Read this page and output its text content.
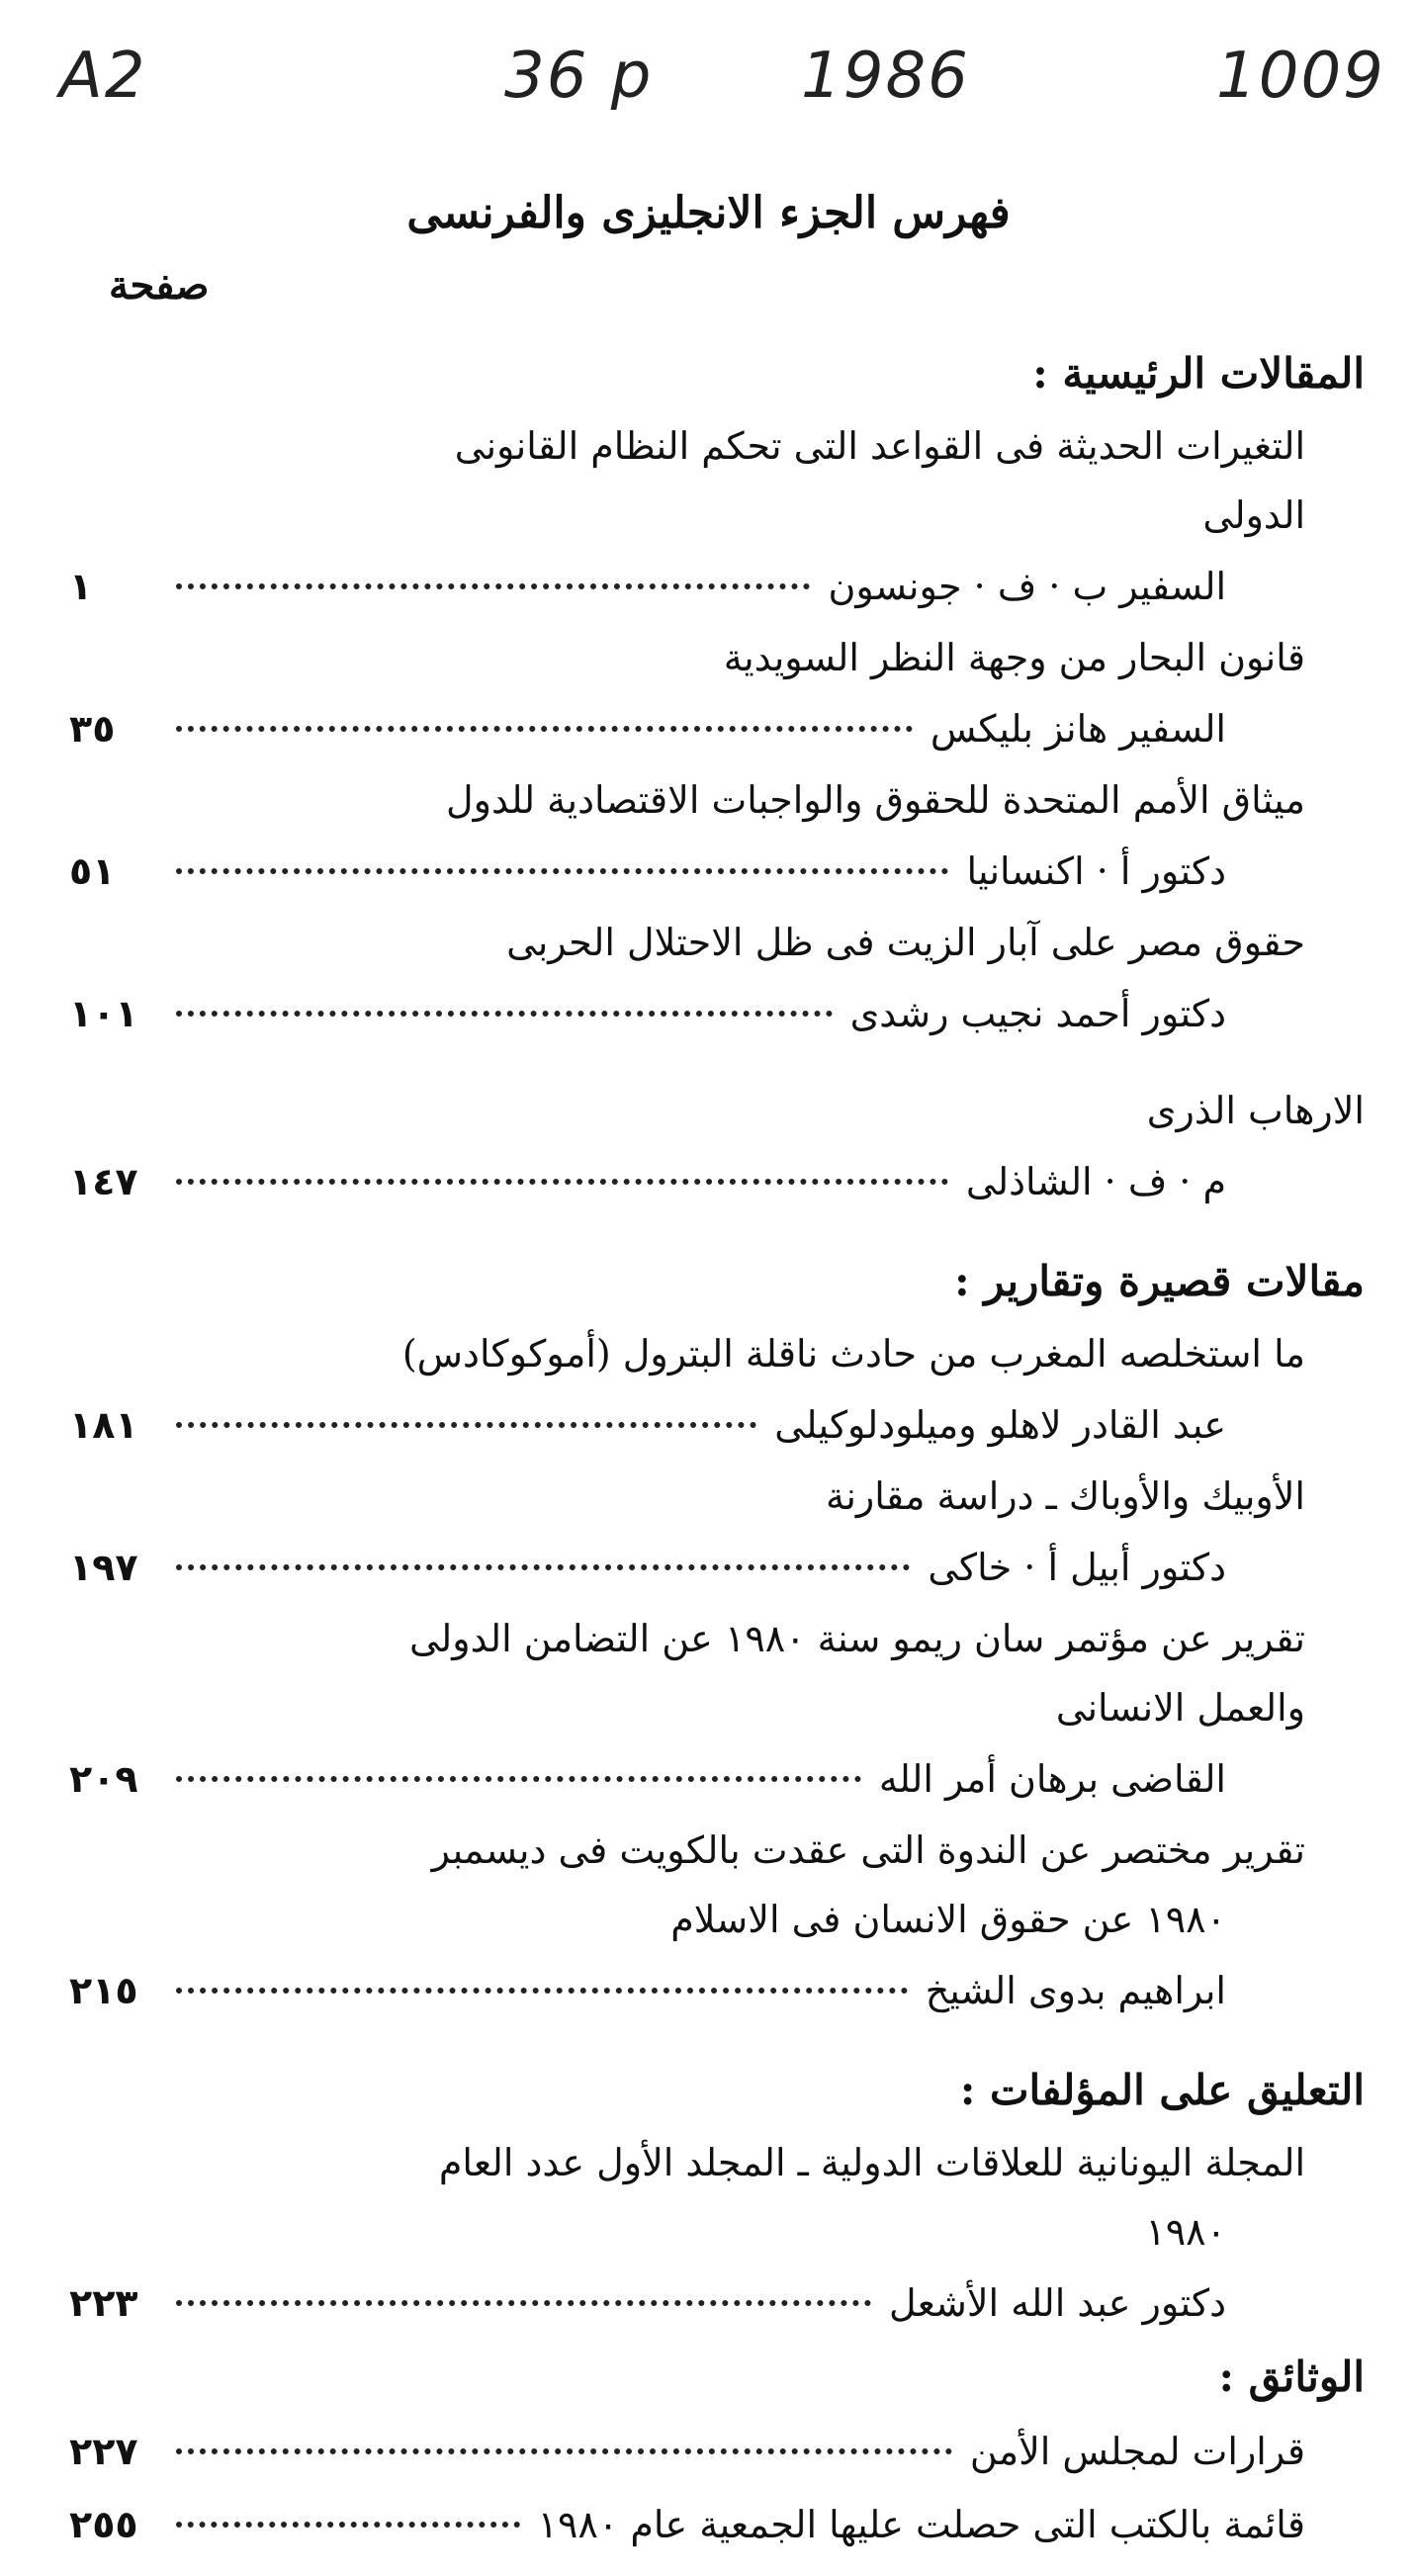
A2	36 p 1986	1009
فهرس الجزء الانجليزى والفرنسى
صفحة
المقالات الرئيسية :
التغيرات الحديثة فى القواعد التى تحكم النظام القانونى
الدولى
السفير ب · ف · جونسون
١
قانون البحار من وجهة النظر السويدية
السفير هانز بليكس
٣٥
ميثاق الأمم المتحدة للحقوق والواجبات الاقتصادية للدول
دكتور أ · اكنسانيا
٥١
حقوق مصر على آبار الزيت فى ظل الاحتلال الحربى
دكتور أحمد نجيب رشدى
١٠١
الارهاب الذرى
م · ف · الشاذلى
١٤٧
مقالات قصيرة وتقارير :
ما استخلصه المغرب من حادث ناقلة البترول (أموكوكادس)
عبد القادر لاهلو وميلودلوكيلى
١٨١
الأوبيك والأوباك ـ دراسة مقارنة
دكتور أبيل أ · خاكى
١٩٧
تقرير عن مؤتمر سان ريمو سنة ١٩٨٠ عن التضامن الدولى
والعمل الانسانى
القاضى برهان أمر الله
٢٠٩
تقرير مختصر عن الندوة التى عقدت بالكويت فى ديسمبر
١٩٨٠ عن حقوق الانسان فى الاسلام
ابراهيم بدوى الشيخ
٢١٥
التعليق على المؤلفات :
المجلة اليونانية للعلاقات الدولية ـ المجلد الأول عدد العام
١٩٨٠
دكتور عبد الله الأشعل
٢٢٣
الوثائق :
قرارات لمجلس الأمن
٢٢٧
قائمة بالكتب التى حصلت عليها الجمعية عام ١٩٨٠
٢٥٥
